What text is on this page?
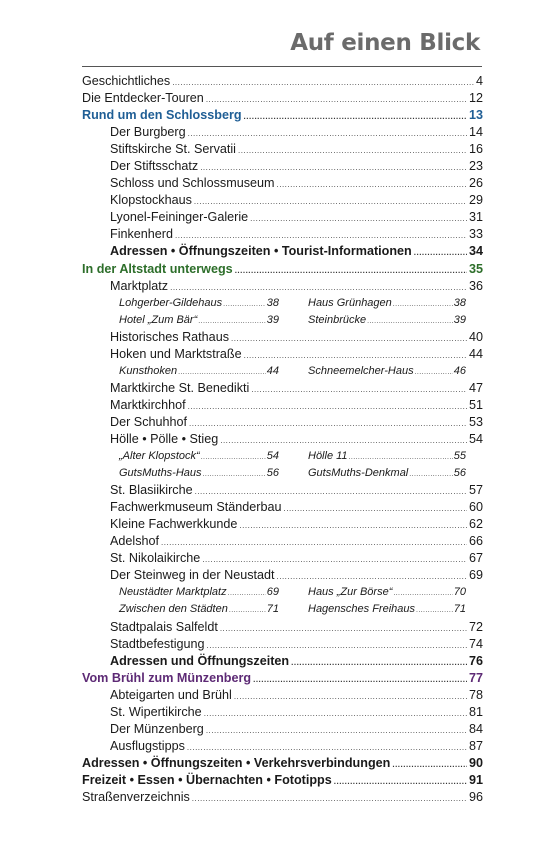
Auf einen Blick
Geschichtliches .....	4
Die Entdecker-Touren .....	12
Rund um den Schlossberg .....	13
Der Burgberg .....	14
Stiftskirche St. Servatii .....	16
Der Stiftsschatz .....	23
Schloss und Schlossmuseum .....	26
Klopstockhaus .....	29
Lyonel-Feininger-Galerie .....	31
Finkenherd .....	33
Adressen • Öffnungszeiten • Tourist-Informationen .....	34
In der Altstadt unterwegs .....	35
Marktplatz .....	36
Lohgerber-Gildehaus .....	38	Haus Grünhagen .....	38
Hotel „Zum Bär“ .....	39	Steinbrücke .....	39
Historisches Rathaus .....	40
Hoken und Marktstraße .....	44
Kunsthoken .....	44	Schneemelcher-Haus .....	46
Marktkirche St. Benedikti .....	47
Marktkirchhof .....	51
Der Schuhhof .....	53
Hölle • Pölle • Stieg .....	54
„Alter Klopstock“ .....	54	Hölle 11 .....	55
GutsMuths-Haus .....	56	GutsMuths-Denkmal .....	56
St. Blasiikirche .....	57
Fachwerkmuseum Ständerbau .....	60
Kleine Fachwerkkunde .....	62
Adelshof .....	66
St. Nikolaikirche .....	67
Der Steinweg in der Neustadt .....	69
Neustädter Marktplatz .....	69	Haus „Zur Börse“ .....	70
Zwischen den Städten .....	71	Hagensches Freihaus .....	71
Stadtpalais Salfeldt .....	72
Stadtbefestigung .....	74
Adressen und Öffnungszeiten .....	76
Vom Brühl zum Münzenberg .....	77
Abteigarten und Brühl .....	78
St. Wipertikirche .....	81
Der Münzenberg .....	84
Ausflugstipps .....	87
Adressen • Öffnungszeiten • Verkehrsverbindungen .....	90
Freizeit • Essen • Übernachten • Fototipps .....	91
Straßenverzeichnis .....	96
